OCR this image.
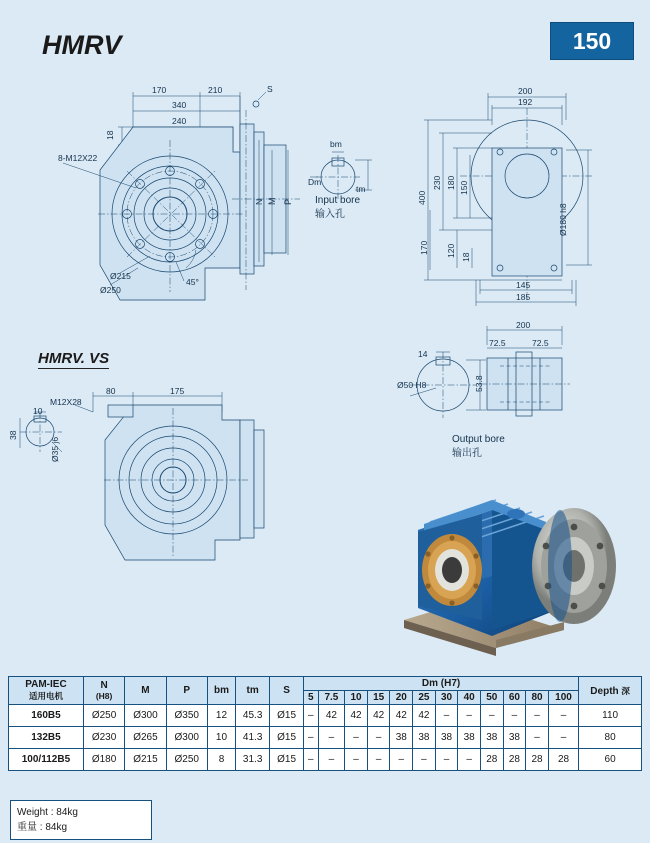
HMRV	150
HMRV. VS
Input bore
输入孔
Output bore
输出孔
170	210
340
240
18
S
N M P
8-M12X22
Ø215
Ø250
45°
bm
Dm
tm
200
192
400
230 180 150
170 120 18
Ø180 h8
145
185
200
72.5	72.5
14
Ø50 H8	53.8
M12X28
80	175
10
38
Ø35 j6
PAM-IEC
适用电机

N
(H8)	M	P	bm	tm	S	Dm (H7)	Depth 深
							5	7.5	10	15	20	25	30	40	50	60	80	100	
160B5	Ø250	Ø300	Ø350	12	45.3	Ø15	–	42	42	42	42	42	–	–	–	–	–	–	110
132B5	Ø230	Ø265	Ø300	10	41.3	Ø15	–	–	–	–	38	38	38	38	38	38	–	–	80
100/112B5	Ø180	Ø215	Ø250	8	31.3	Ø15	–	–	–	–	–	–	–	–	28	28	28	28	60
Weight : 84kg
重量 : 84kg
